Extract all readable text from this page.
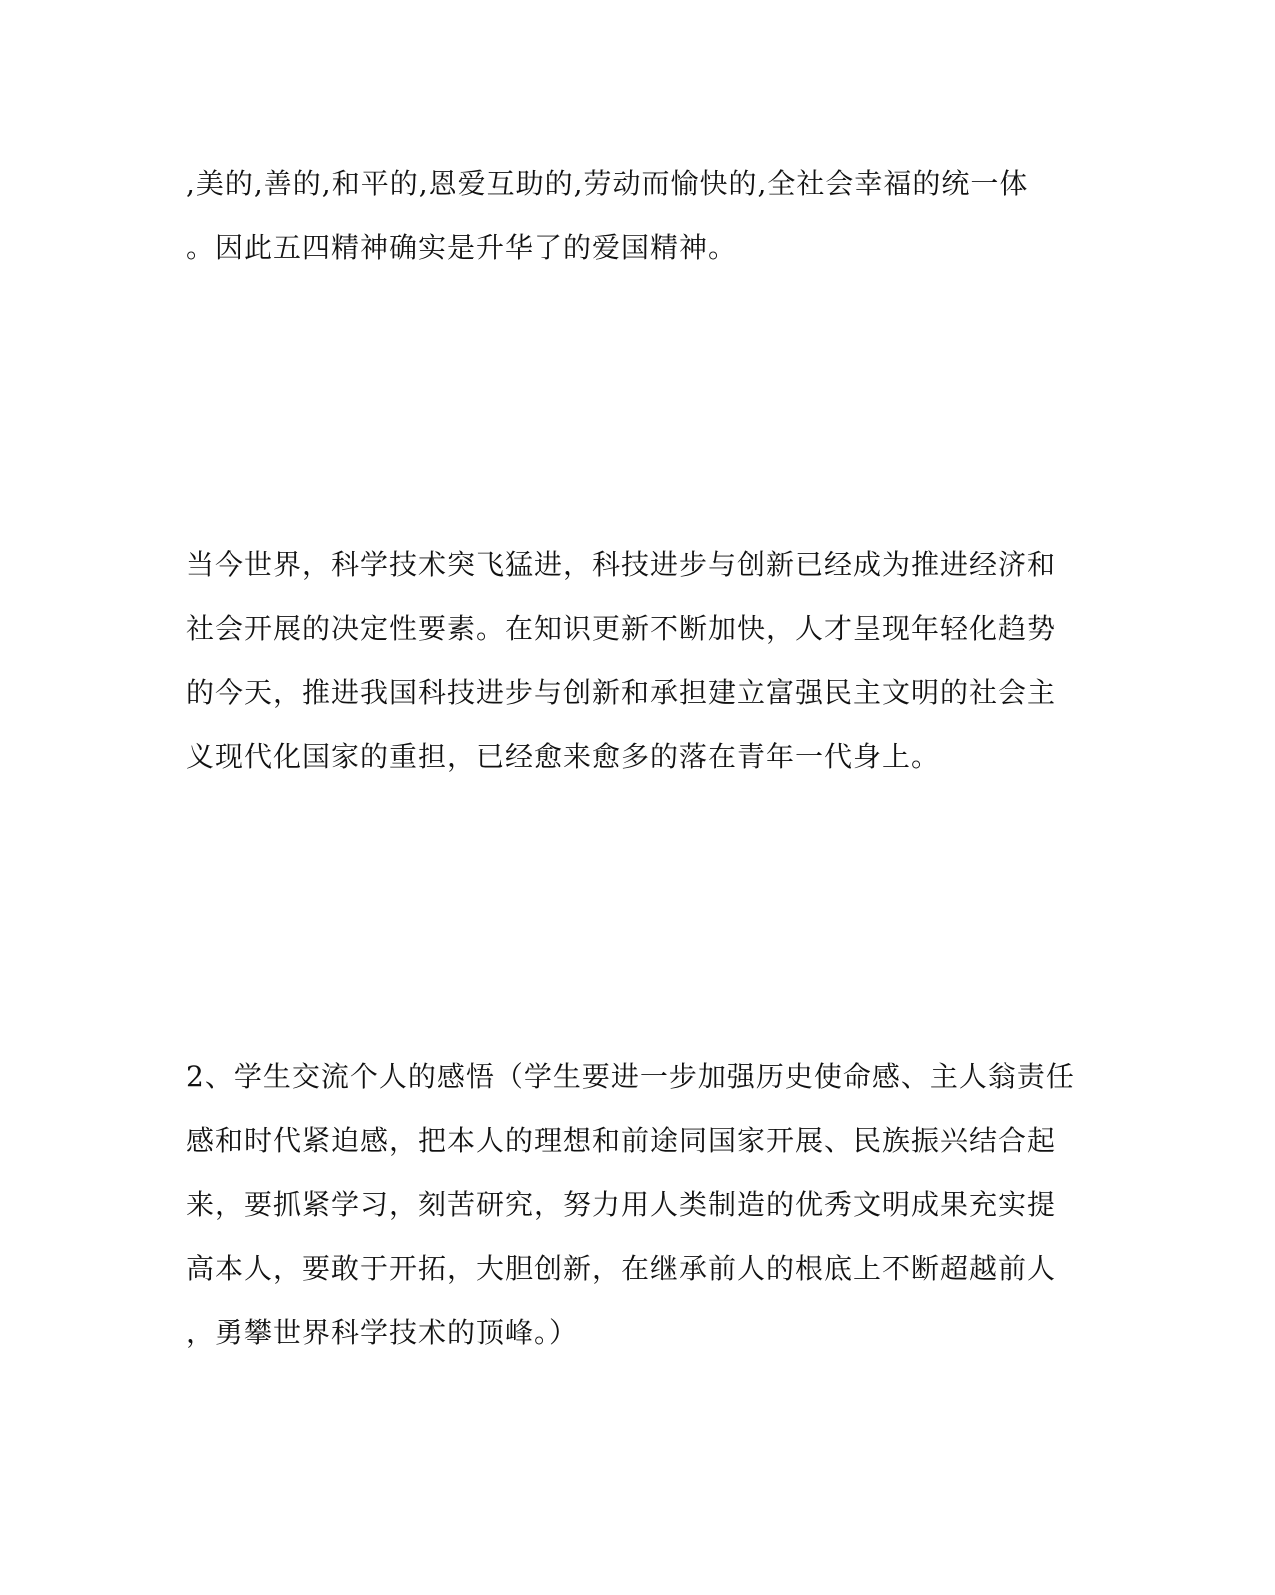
,美的,善的,和平的,恩爱互助的,劳动而愉快的,全社会幸福的统一体
。因此五四精神确实是升华了的爱国精神。
当今世界，科学技术突飞猛进，科技进步与创新已经成为推进经济和
社会开展的决定性要素。在知识更新不断加快，人才呈现年轻化趋势
的今天，推进我国科技进步与创新和承担建立富强民主文明的社会主
义现代化国家的重担，已经愈来愈多的落在青年一代身上。
2、学生交流个人的感悟（学生要进一步加强历史使命感、主人翁责任
感和时代紧迫感，把本人的理想和前途同国家开展、民族振兴结合起
来，要抓紧学习，刻苦研究，努力用人类制造的优秀文明成果充实提
高本人，要敢于开拓，大胆创新，在继承前人的根底上不断超越前人
，勇攀世界科学技术的顶峰。）
